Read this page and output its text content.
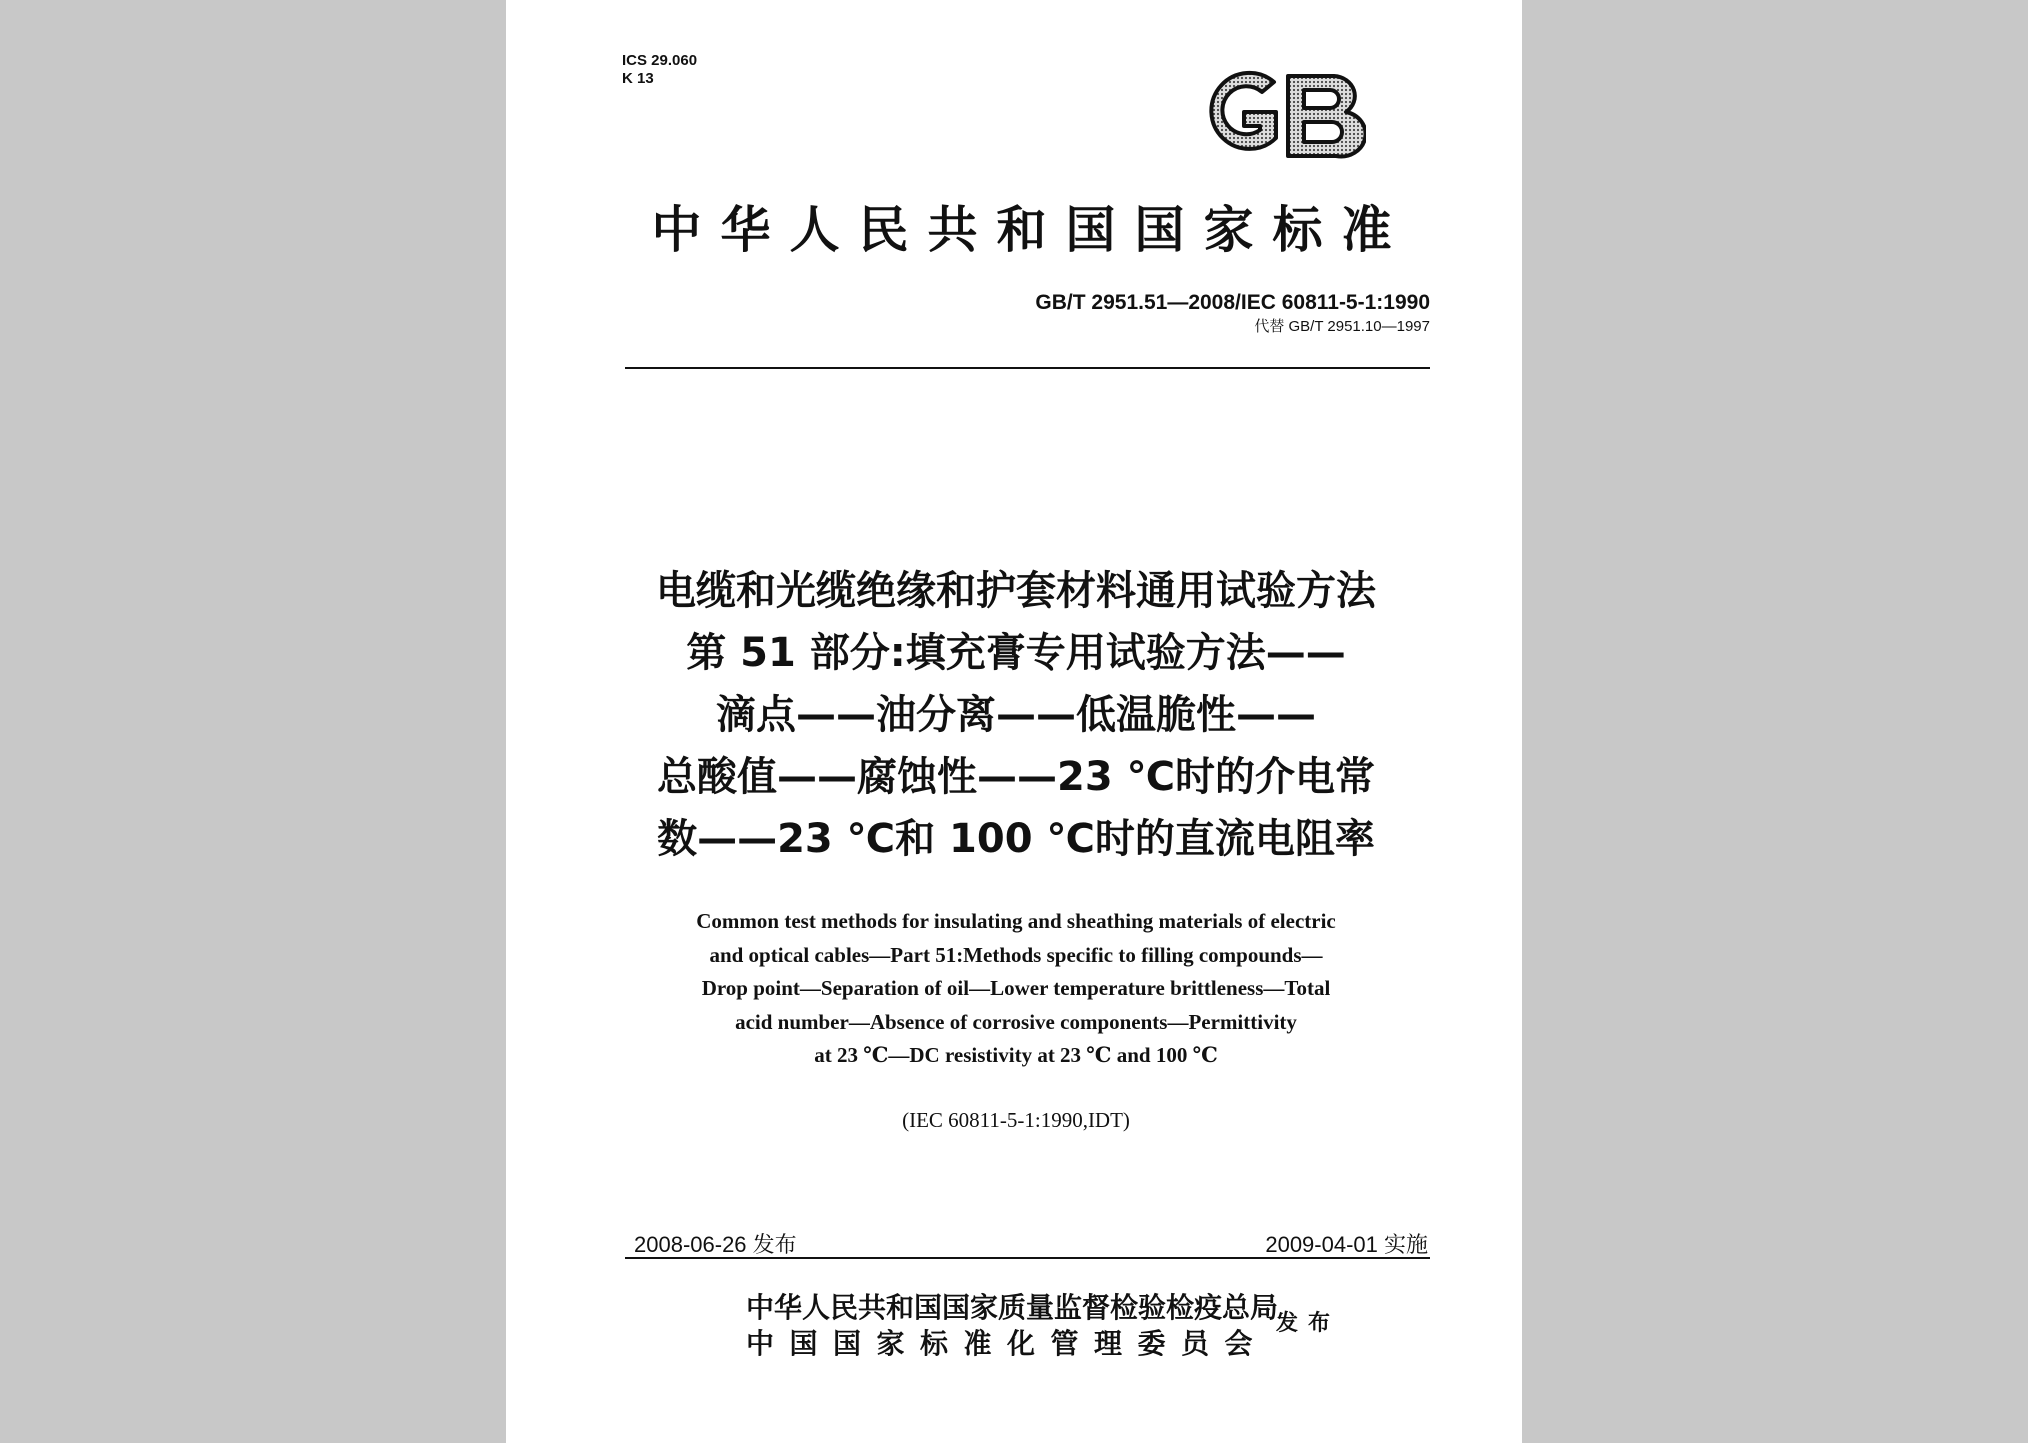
ICS 29.060
K 13
中华人民共和国国家标准
GB/T 2951.51—2008/IEC 60811-5-1:1990
代替 GB/T 2951.10—1997
电缆和光缆绝缘和护套材料通用试验方法
第 51 部分:填充膏专用试验方法——
滴点——油分离——低温脆性——
总酸值——腐蚀性——23 ℃时的介电常
数——23 ℃和 100 ℃时的直流电阻率
Common test methods for insulating and sheathing materials of electric
and optical cables—Part 51:Methods specific to filling compounds—
Drop point—Separation of oil—Lower temperature brittleness—Total
acid number—Absence of corrosive components—Permittivity
at 23 ℃—DC resistivity at 23 ℃ and 100 ℃
(IEC 60811-5-1:1990,IDT)
2008-06-26 发布	2009-04-01 实施
中华人民共和国国家质量监督检验检疫总局
中国国家标准化管理委员会
发布
